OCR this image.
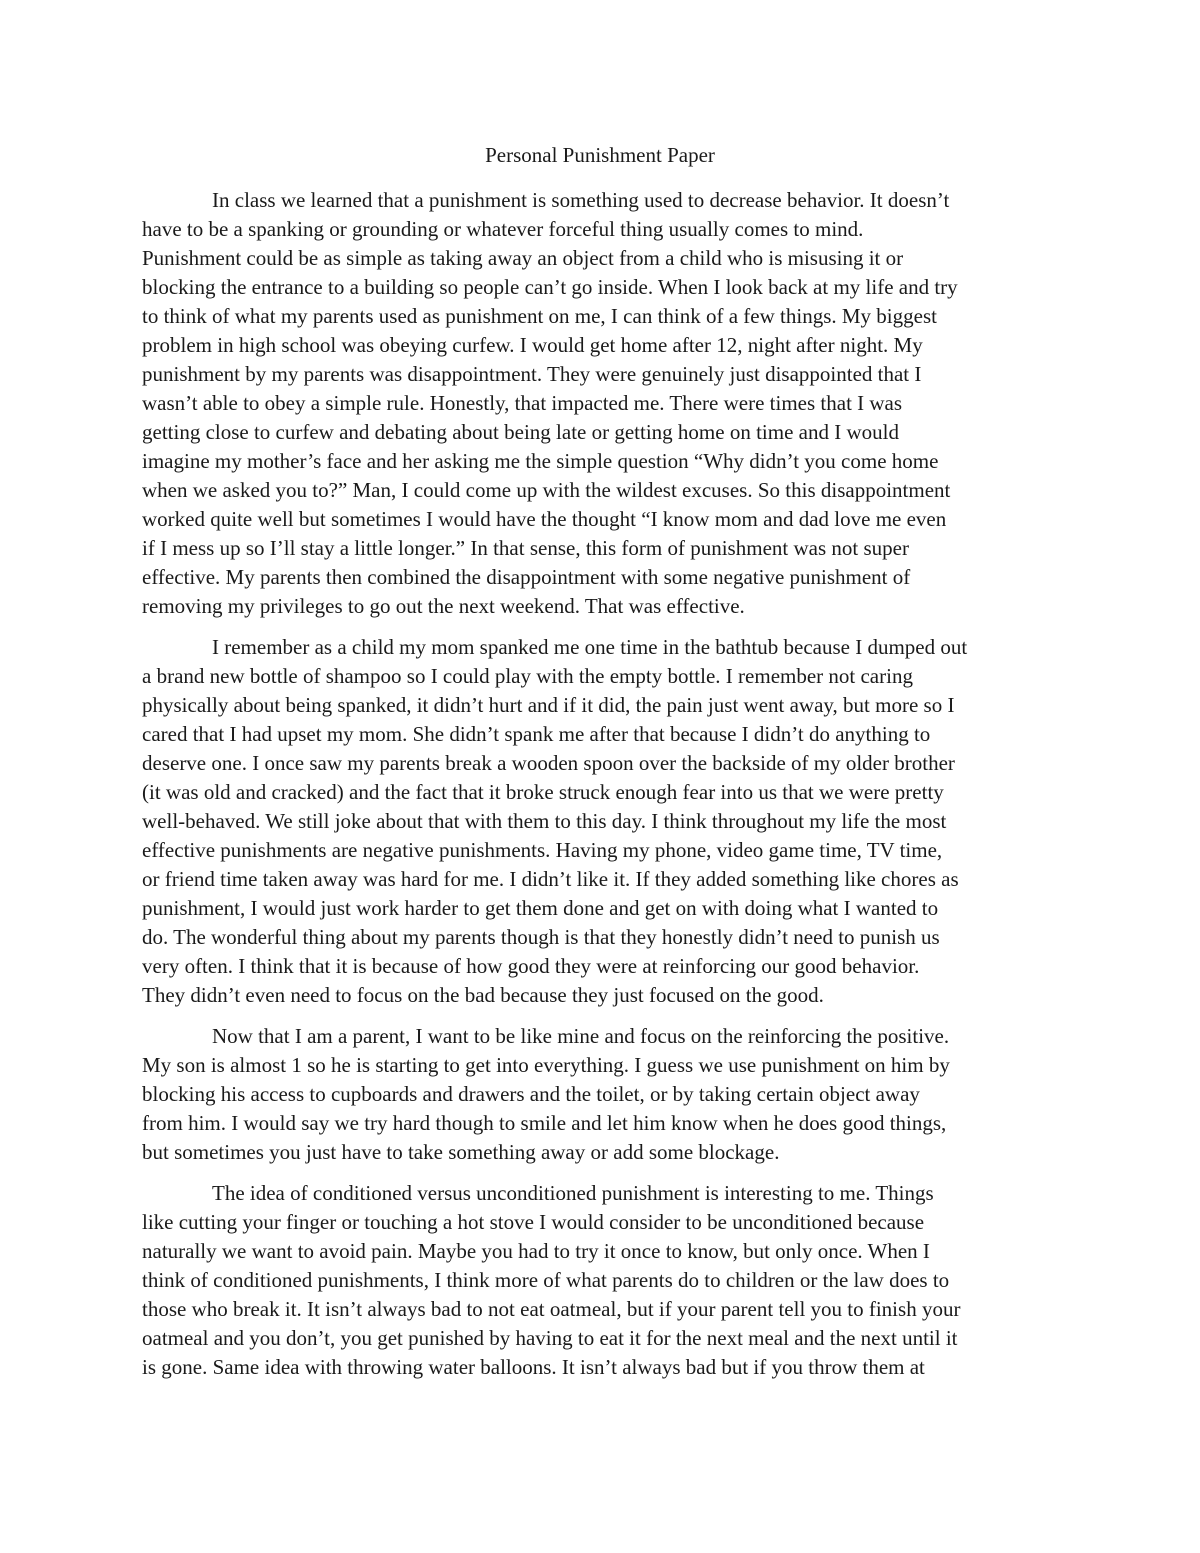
Personal Punishment Paper

In class we learned that a punishment is something used to decrease behavior. It doesn’t
have to be a spanking or grounding or whatever forceful thing usually comes to mind.
Punishment could be as simple as taking away an object from a child who is misusing it or
blocking the entrance to a building so people can’t go inside. When I look back at my life and try
to think of what my parents used as punishment on me, I can think of a few things. My biggest
problem in high school was obeying curfew. I would get home after 12, night after night. My
punishment by my parents was disappointment. They were genuinely just disappointed that I
wasn’t able to obey a simple rule. Honestly, that impacted me. There were times that I was
getting close to curfew and debating about being late or getting home on time and I would
imagine my mother’s face and her asking me the simple question “Why didn’t you come home
when we asked you to?” Man, I could come up with the wildest excuses. So this disappointment
worked quite well but sometimes I would have the thought “I know mom and dad love me even
if I mess up so I’ll stay a little longer.” In that sense, this form of punishment was not super
effective. My parents then combined the disappointment with some negative punishment of
removing my privileges to go out the next weekend. That was effective.

I remember as a child my mom spanked me one time in the bathtub because I dumped out
a brand new bottle of shampoo so I could play with the empty bottle. I remember not caring
physically about being spanked, it didn’t hurt and if it did, the pain just went away, but more so I
cared that I had upset my mom. She didn’t spank me after that because I didn’t do anything to
deserve one. I once saw my parents break a wooden spoon over the backside of my older brother
(it was old and cracked) and the fact that it broke struck enough fear into us that we were pretty
well-behaved. We still joke about that with them to this day. I think throughout my life the most
effective punishments are negative punishments. Having my phone, video game time, TV time,
or friend time taken away was hard for me. I didn’t like it. If they added something like chores as
punishment, I would just work harder to get them done and get on with doing what I wanted to
do. The wonderful thing about my parents though is that they honestly didn’t need to punish us
very often. I think that it is because of how good they were at reinforcing our good behavior.
They didn’t even need to focus on the bad because they just focused on the good.

Now that I am a parent, I want to be like mine and focus on the reinforcing the positive.
My son is almost 1 so he is starting to get into everything. I guess we use punishment on him by
blocking his access to cupboards and drawers and the toilet, or by taking certain object away
from him. I would say we try hard though to smile and let him know when he does good things,
but sometimes you just have to take something away or add some blockage.

The idea of conditioned versus unconditioned punishment is interesting to me. Things
like cutting your finger or touching a hot stove I would consider to be unconditioned because
naturally we want to avoid pain. Maybe you had to try it once to know, but only once. When I
think of conditioned punishments, I think more of what parents do to children or the law does to
those who break it. It isn’t always bad to not eat oatmeal, but if your parent tell you to finish your
oatmeal and you don’t, you get punished by having to eat it for the next meal and the next until it
is gone. Same idea with throwing water balloons. It isn’t always bad but if you throw them at
